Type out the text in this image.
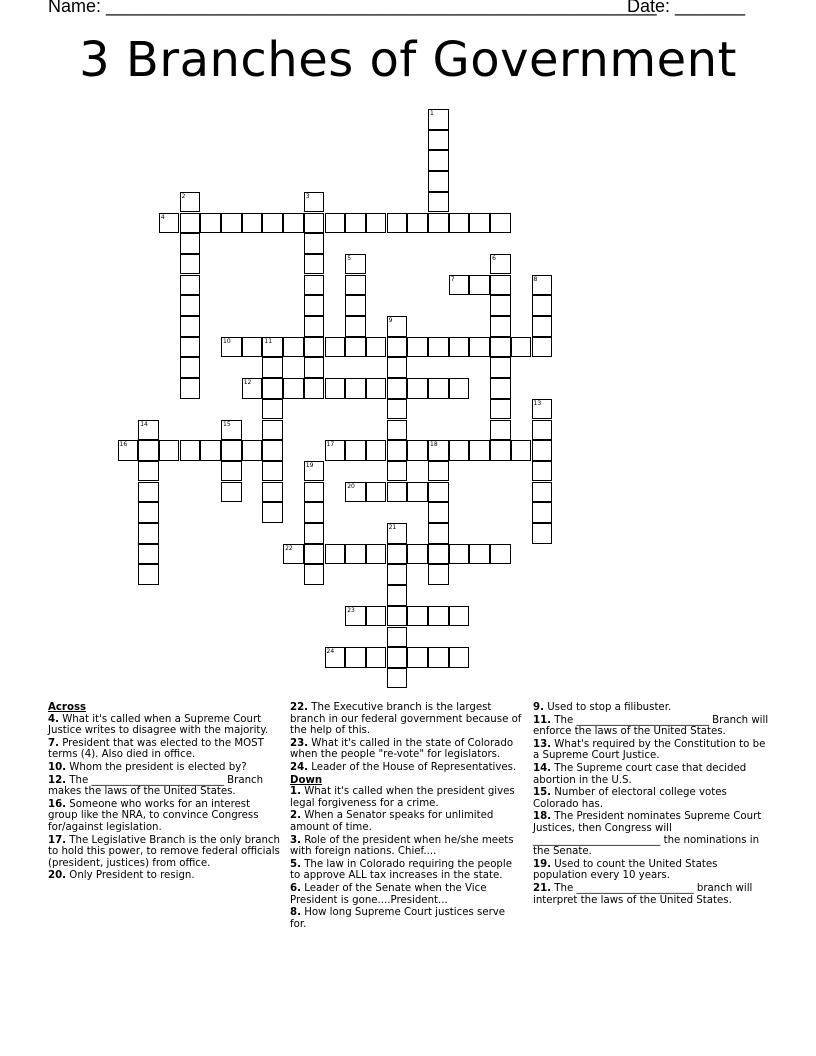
Name: _______________________________________________________
Date: _______
3 Branches of Government
1
2	3
4
5	6
7	8
9
10	11
12
13
14	15
16	17	18
19
20
21
22
23
24
Across
4. What it's called when a Supreme Court Justice writes to disagree with the majority.
7. President that was elected to the MOST terms (4). Also died in office.
10. Whom the president is elected by?
12. The __________________________ Branch makes the laws of the United States.
16. Someone who works for an interest group like the NRA, to convince Congress for/against legislation.
17. The Legislative Branch is the only branch to hold this power, to remove federal officials (president, justices) from office.
20. Only President to resign.
22. The Executive branch is the largest branch in our federal government because of the help of this.
23. What it's called in the state of Colorado when the people "re-vote" for legislators.
24. Leader of the House of Representatives.
Down
1. What it's called when the president gives legal forgiveness for a crime.
2. When a Senator speaks for unlimited amount of time.
3. Role of the president when he/she meets with foreign nations. Chief....
5. The law in Colorado requiring the people to approve ALL tax increases in the state.
6. Leader of the Senate when the Vice President is gone....President...
8. How long Supreme Court justices serve for.
9. Used to stop a filibuster.
11. The __________________________ Branch will enforce the laws of the United States.
13. What's required by the Constitution to be a Supreme Court Justice.
14. The Supreme court case that decided abortion in the U.S.
15. Number of electoral college votes Colorado has.
18. The President nominates Supreme Court Justices, then Congress will _________________________ the nominations in the Senate.
19. Used to count the United States population every 10 years.
21. The _______________________ branch will interpret the laws of the United States.
